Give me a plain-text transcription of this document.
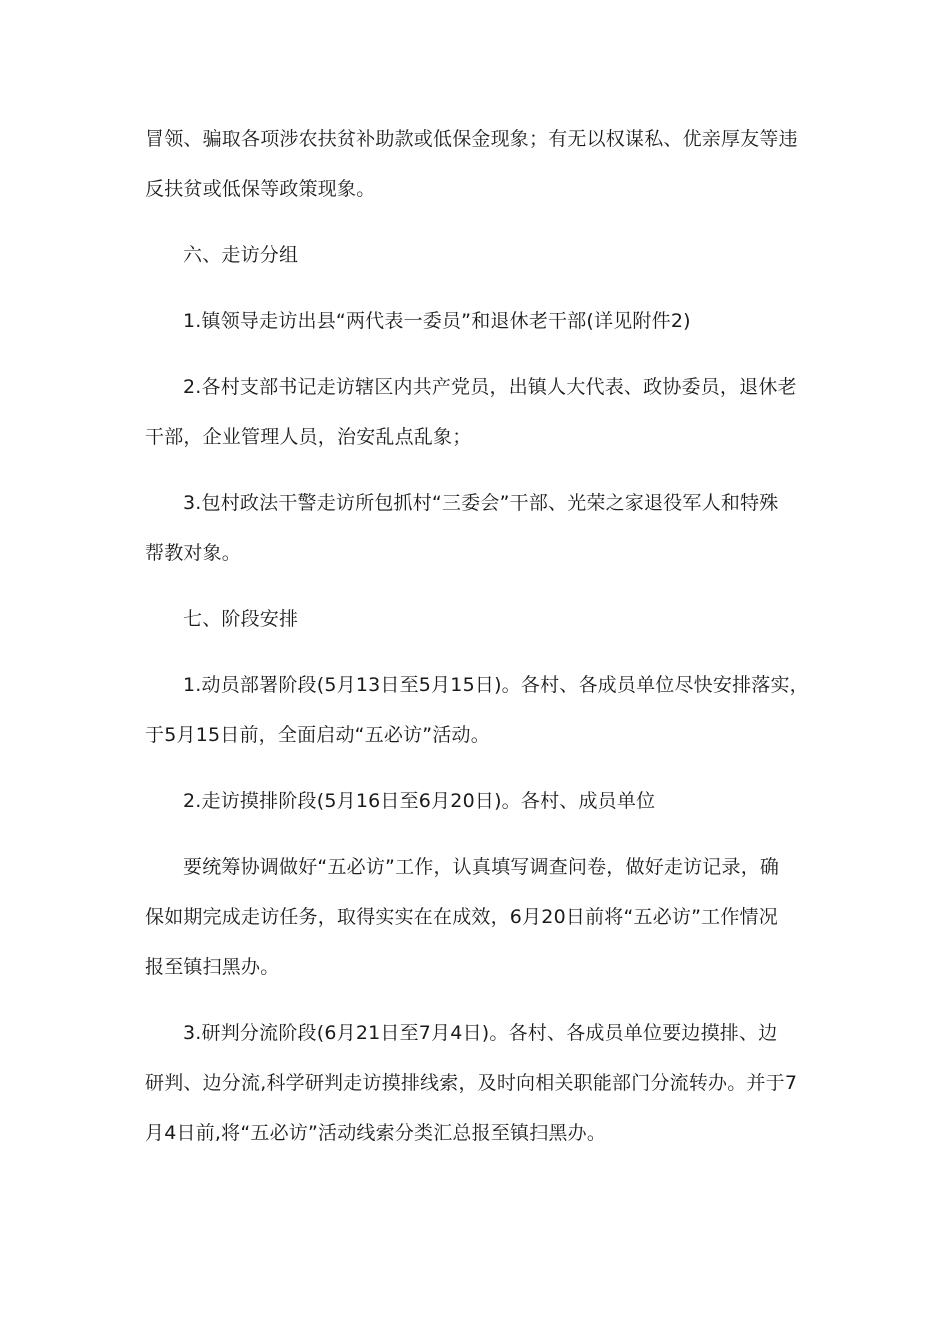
冒领、骗取各项涉农扶贫补助款或低保金现象；有无以权谋私、优亲厚友等违
反扶贫或低保等政策现象。
六、走访分组
1.镇领导走访出县“两代表一委员”和退休老干部(详见附件2)
2.各村支部书记走访辖区内共产党员，出镇人大代表、政协委员，退休老
干部，企业管理人员，治安乱点乱象；
3.包村政法干警走访所包抓村“三委会”干部、光荣之家退役军人和特殊
帮教对象。
七、阶段安排
1.动员部署阶段(5月13日至5月15日)。各村、各成员单位尽快安排落实，
于5月15日前，全面启动“五必访”活动。
2.走访摸排阶段(5月16日至6月20日)。各村、成员单位
要统筹协调做好“五必访”工作，认真填写调查问卷，做好走访记录，确
保如期完成走访任务，取得实实在在成效，6月20日前将“五必访”工作情况
报至镇扫黑办。
3.研判分流阶段(6月21日至7月4日)。各村、各成员单位要边摸排、边
研判、边分流,科学研判走访摸排线索，及时向相关职能部门分流转办。并于7
月4日前,将“五必访”活动线索分类汇总报至镇扫黑办。
